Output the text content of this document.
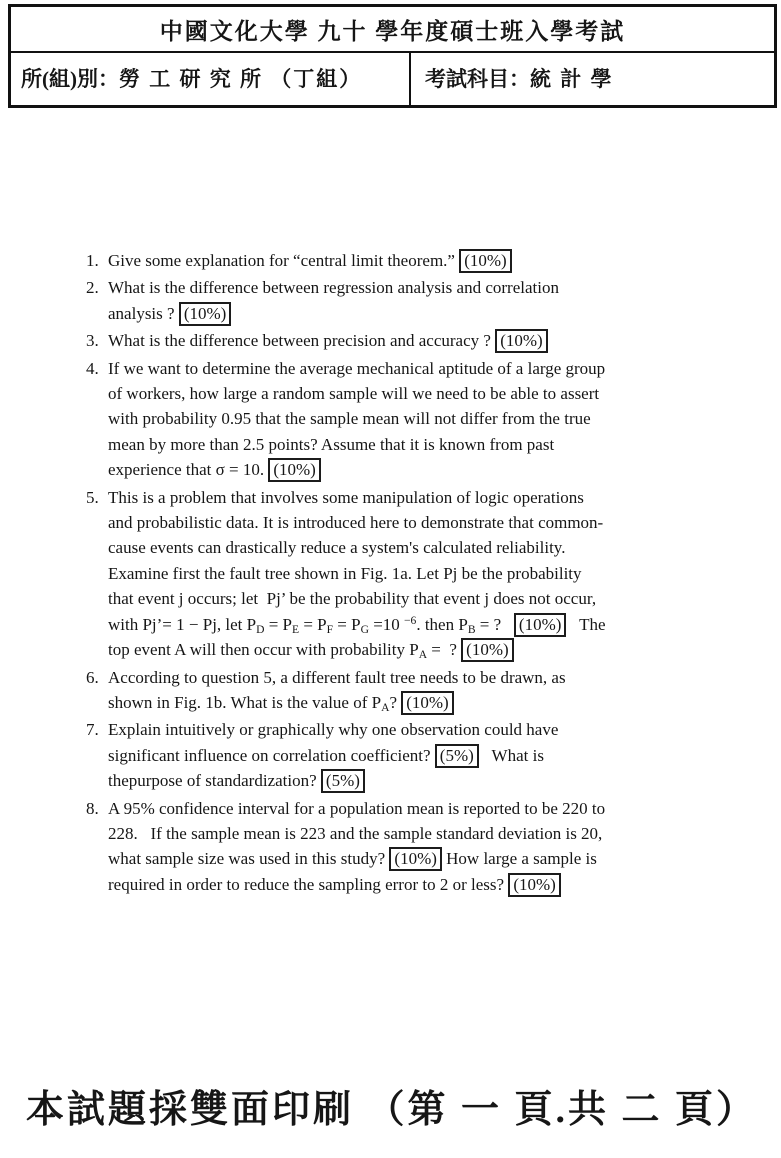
中國文化大學 九十 學年度碩士班入學考試
所(組)別：勞 工 研 究 所 （丁組）	考試科目：統 計 學
1. Give some explanation for “central limit theorem.” (10%)
2. What is the difference between regression analysis and correlation analysis ? (10%)
3. What is the difference between precision and accuracy ? (10%)
4. If we want to determine the average mechanical aptitude of a large group of workers, how large a random sample will we need to be able to assert with probability 0.95 that the sample mean will not differ from the true mean by more than 2.5 points? Assume that it is known from past experience that σ = 10. (10%)
5. This is a problem that involves some manipulation of logic operations and probabilistic data. It is introduced here to demonstrate that common-cause events can drastically reduce a system's calculated reliability. Examine first the fault tree shown in Fig. 1a. Let Pj be the probability that event j occurs; let  Pj’ be the probability that event j does not occur, with Pj’= 1 − Pj, let $P_D = P_E = P_F = P_G =10$ $^{-6}$. then $P_B$ = ?   (10%)   The top event A will then occur with probability $P_A$ =  ? (10%)
6. According to question 5, a different fault tree needs to be drawn, as shown in Fig. 1b. What is the value of $P_A$? (10%)
7. Explain intuitively or graphically why one observation could have significant influence on correlation coefficient? (5%)   What is thepurpose of standardization? (5%)
8. A 95% confidence interval for a population mean is reported to be 220 to 228.   If the sample mean is 223 and the sample standard deviation is 20, what sample size was used in this study? (10%) How large a sample is required in order to reduce the sampling error to 2 or less? (10%)
本試題採雙面印刷 （第 一 頁.共 二 頁）
